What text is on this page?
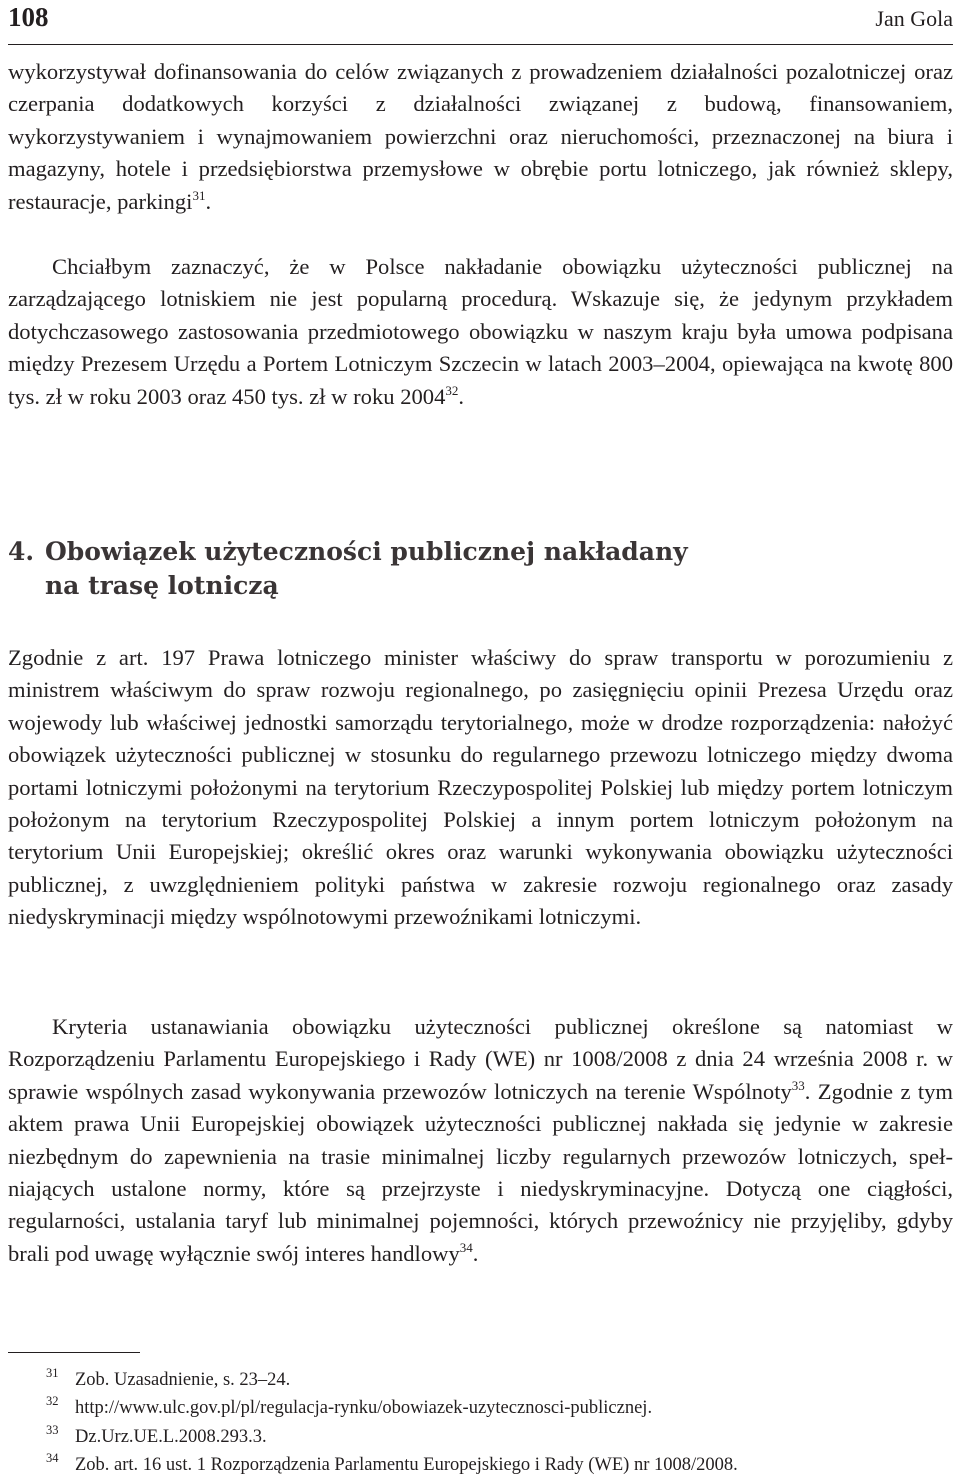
108	Jan Gola

wykorzystywał dofinansowania do celów związanych z prowadzeniem działalności pozalotniczej oraz czerpania dodatkowych korzyści z działalności związanej z budową, finansowaniem, wykorzystywaniem i wynajmowaniem powierzchni oraz nieruchomości, przeznaczonej na biura i magazyny, hotele i przedsiębiorstwa przemysłowe w obrębie portu lotniczego, jak również sklepy, restauracje, parkingi$^{31}$.

Chciałbym zaznaczyć, że w Polsce nakładanie obowiązku użyteczności publicznej na zarządzającego lotniskiem nie jest popularną procedurą. Wskazuje się, że jedynym przykładem dotychczasowego zastosowania przedmiotowego obowiązku w naszym kraju była umowa podpisana między Prezesem Urzędu a Portem Lotniczym Szczecin w latach 2003–2004, opiewająca na kwotę 800 tys. zł w roku 2003 oraz 450 tys. zł w roku 2004$^{32}$.

4. Obowiązek użyteczności publicznej nakładany
na trasę lotniczą

Zgodnie z art. 197 Prawa lotniczego minister właściwy do spraw transportu w porozumieniu z ministrem właściwym do spraw rozwoju regionalnego, po zasięgnięciu opinii Prezesa Urzędu oraz wojewody lub właściwej jednostki samorządu terytorialnego, może w drodze rozporządzenia: nałożyć obowiązek użyteczności publicznej w stosunku do regularnego przewozu lotniczego między dwoma portami lotniczymi położonymi na terytorium Rzeczypospolitej Polskiej lub między portem lotniczym położonym na terytorium Rzeczypospolitej Polskiej a innym portem lotniczym położonym na terytorium Unii Europejskiej; określić okres oraz warunki wykonywania obowiązku użyteczności publicznej, z uwzględnieniem polityki państwa w zakresie rozwoju regionalnego oraz zasady niedyskryminacji między wspólnotowymi przewoźnikami lotniczymi.

Kryteria ustanawiania obowiązku użyteczności publicznej określone są natomiast w Rozporządzeniu Parlamentu Europejskiego i Rady (WE) nr 1008/2008 z dnia 24 września 2008 r. w sprawie wspólnych zasad wykonywania przewozów lotniczych na terenie Wspólnoty$^{33}$. Zgodnie z tym aktem prawa Unii Europejskiej obowiązek użyteczności publicznej nakłada się jedynie w zakresie niezbędnym do zapewnienia na trasie minimalnej liczby regularnych przewozów lotniczych, spełniających ustalone normy, które są przejrzyste i niedyskryminacyjne. Dotyczą one ciągłości, regularności, ustalania taryf lub minimalnej pojemności, których przewoźnicy nie przyjęliby, gdyby brali pod uwagę wyłącznie swój interes handlowy$^{34}$.

31 Zob. Uzasadnienie, s. 23–24.
32 http://www.ulc.gov.pl/pl/regulacja-rynku/obowiazek-uzytecznosci-publicznej.
33 Dz.Urz.UE.L.2008.293.3.
34 Zob. art. 16 ust. 1 Rozporządzenia Parlamentu Europejskiego i Rady (WE) nr 1008/2008.
